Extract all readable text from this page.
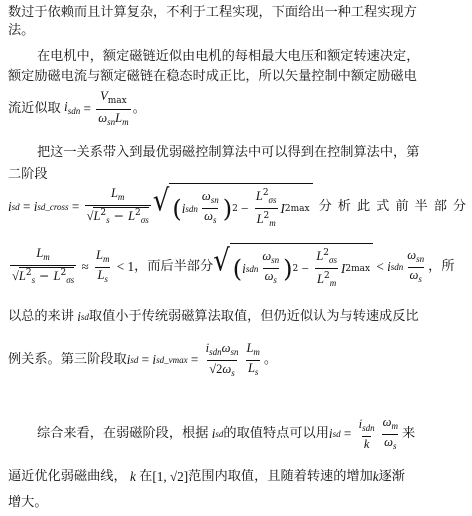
数过于依赖而且计算复杂，不利于工程实现，下面给出一种工程实现方
法。
在电机中，额定磁链近似由电机的每相最大电压和额定转速决定，
额定励磁电流与额定磁链在稳态时成正比，所以矢量控制中额定励磁电
流近似取 $i_{sdn} = \frac{V_{max}}{\omega_{sn}L_m}$ 。
把这一关系带入到最优弱磁控制算法中可以得到在控制算法中，第
二阶段
i sd = i sd_cross = $\frac{L_m}{√L^2_s - L^2_{\sigma s}}$ √ ( i sdn $\frac{\omega_{sn}}{\omega_s}$ ) $2 - \frac{L^2_{\sigma s}}{L^2_m}$ I 2 max 分析此式前半部分
$\frac{L_m}{√L^2_s - L^2_{\sigma s}} \approx \frac{L_m}{L_s} < 1$ ，而后半部分 √ ( i sdn $\frac{\omega_{sn}}{\omega_s}$ ) $2 - \frac{L^2_{\sigma s}}{L^2_m}$ I 2 max < i sdn $\frac{\omega_{sn}}{\omega_s}$ ，所
以总的来讲 i sd 取值小于传统弱磁算法取值，但仍近似认为与转速成反比
例关系。第三阶段取 i sd = i sd_vmax = $\frac{i_{sdn}\omega_{sn}}{√2\omega_s} \frac{L_m}{L_s}$ 。
综合来看，在弱磁阶段，根据 i sd 的取值特点可以用 i sd = $\frac{i_{sdn}}{k} \frac{\omega_m}{\omega_s}$ 来
逼近优化弱磁曲线， k 在 [1, √2] 范围内取值，且随着转速的增加 k 逐渐
增大。
